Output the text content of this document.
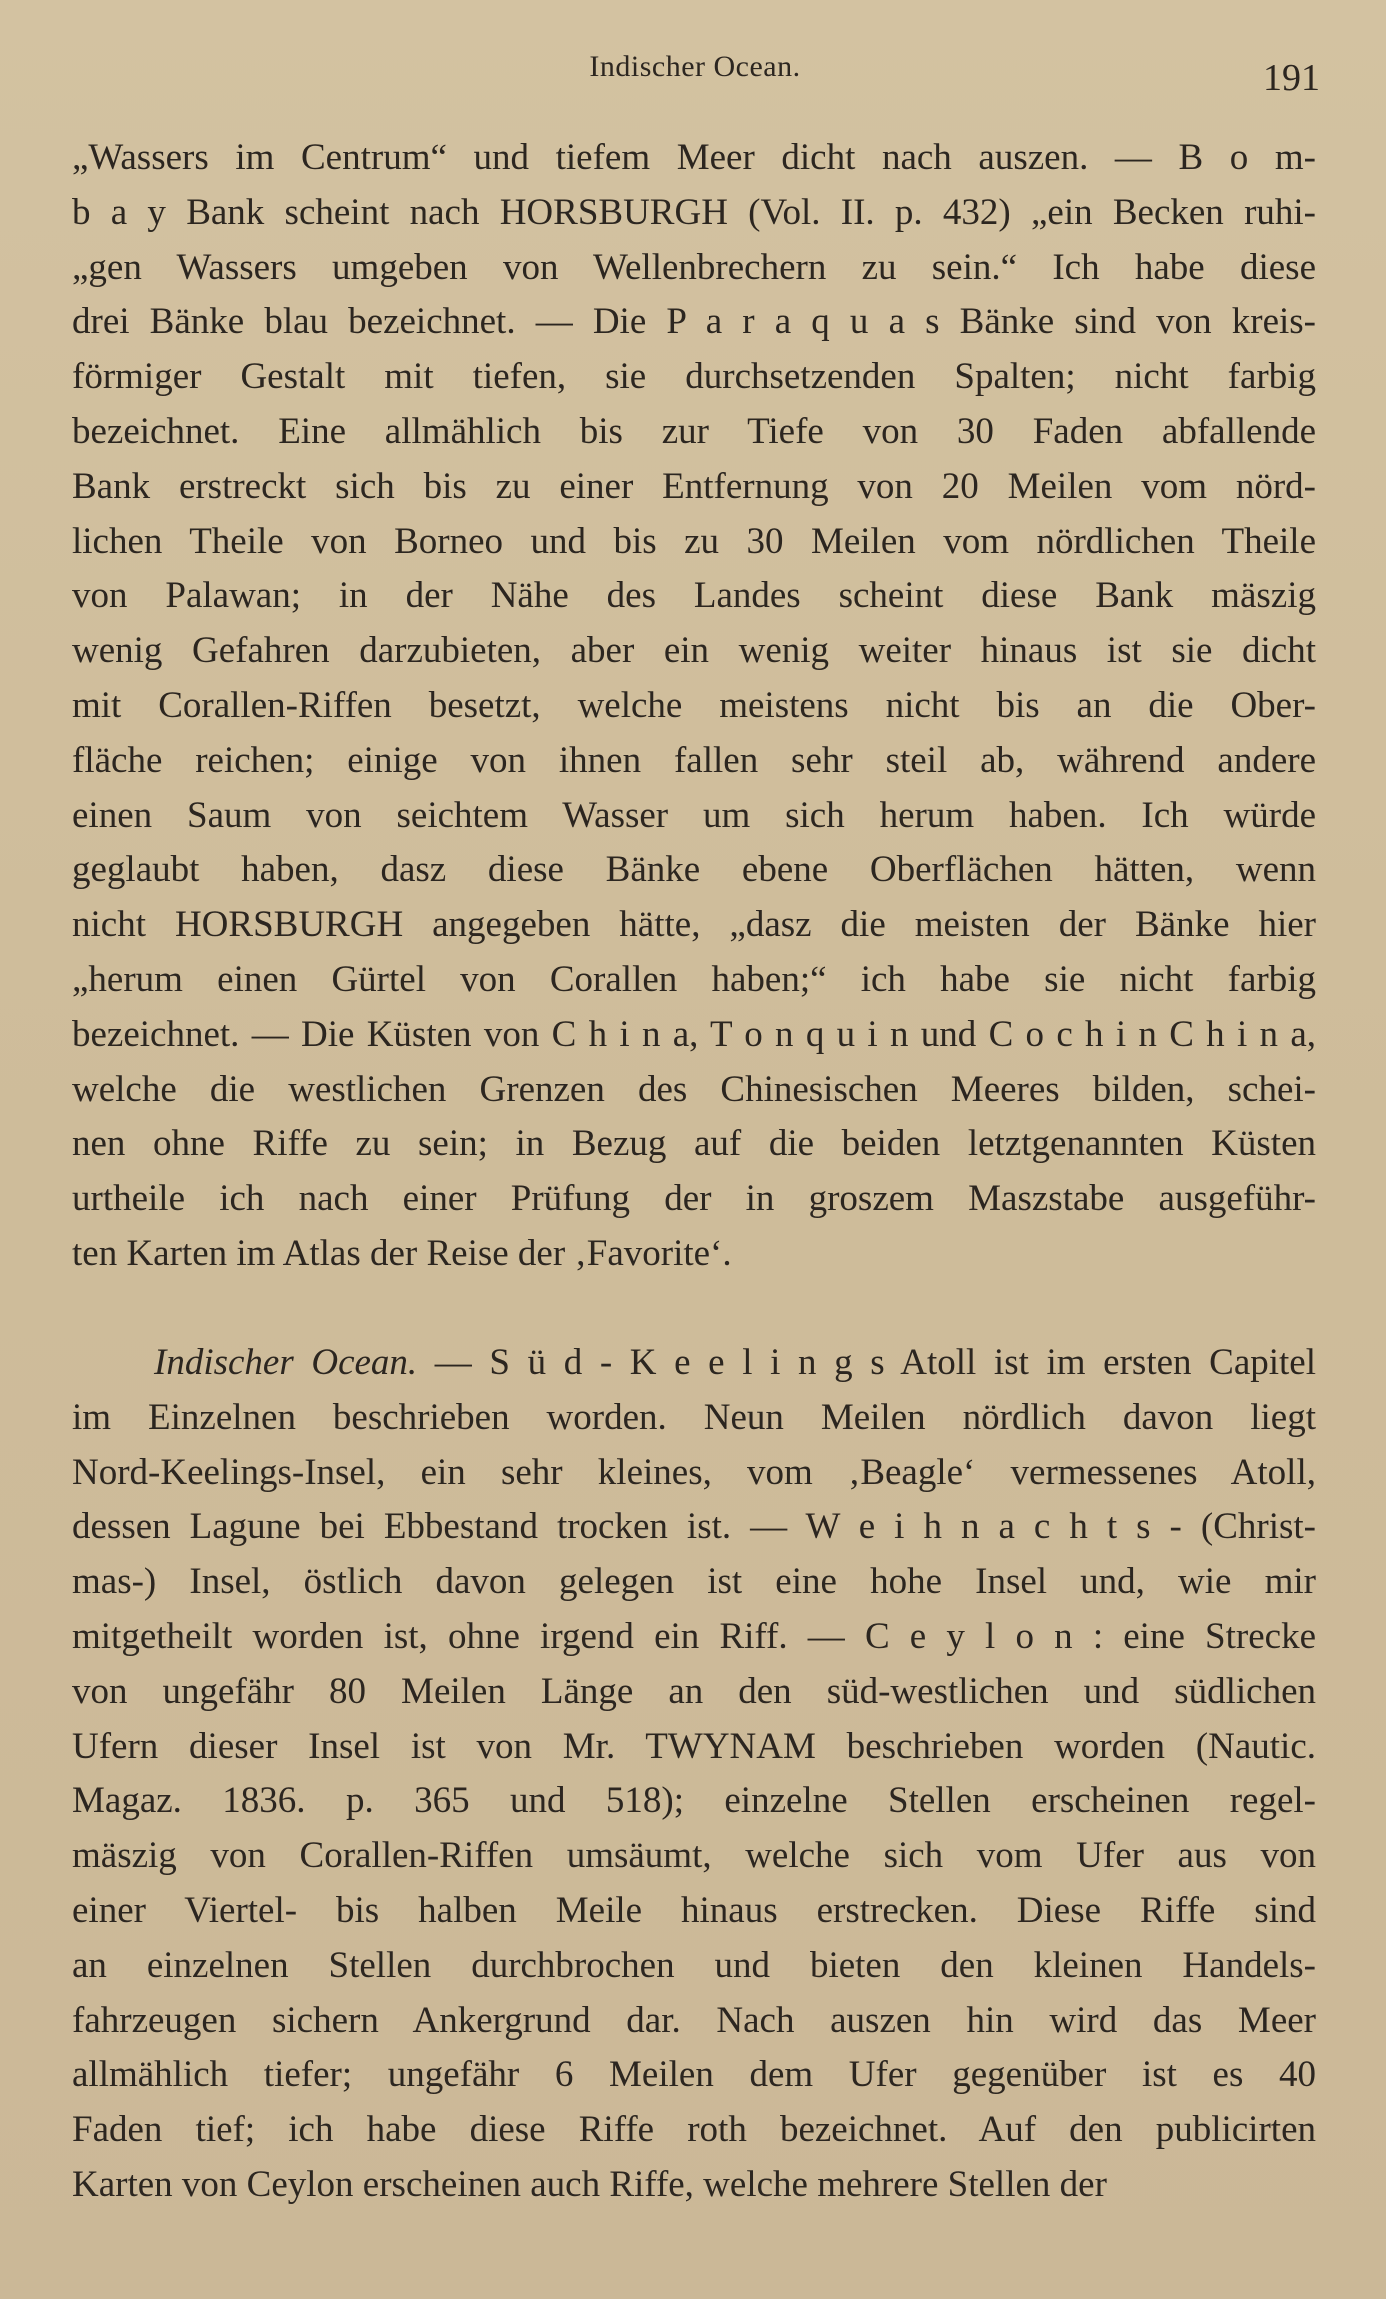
Indischer Ocean.	191
„Wassers im Centrum“ und tiefem Meer dicht nach auszen. — B o m-
b a y Bank scheint nach HORSBURGH (Vol. II. p. 432) „ein Becken ruhi-
„gen Wassers umgeben von Wellenbrechern zu sein.“ Ich habe diese
drei Bänke blau bezeichnet. — Die P a r a q u a s Bänke sind von kreis-
förmiger Gestalt mit tiefen, sie durchsetzenden Spalten; nicht farbig
bezeichnet. Eine allmählich bis zur Tiefe von 30 Faden abfallende
Bank erstreckt sich bis zu einer Entfernung von 20 Meilen vom nörd-
lichen Theile von Borneo und bis zu 30 Meilen vom nördlichen Theile
von Palawan; in der Nähe des Landes scheint diese Bank mäszig
wenig Gefahren darzubieten, aber ein wenig weiter hinaus ist sie dicht
mit Corallen-Riffen besetzt, welche meistens nicht bis an die Ober-
fläche reichen; einige von ihnen fallen sehr steil ab, während andere
einen Saum von seichtem Wasser um sich herum haben. Ich würde
geglaubt haben, dasz diese Bänke ebene Oberflächen hätten, wenn
nicht HORSBURGH angegeben hätte, „dasz die meisten der Bänke hier
„herum einen Gürtel von Corallen haben;“ ich habe sie nicht farbig
bezeichnet. — Die Küsten von C h i n a, T o n q u i n und C o c h i n C h i n a,
welche die westlichen Grenzen des Chinesischen Meeres bilden, schei-
nen ohne Riffe zu sein; in Bezug auf die beiden letztgenannten Küsten
urtheile ich nach einer Prüfung der in groszem Maszstabe ausgeführ-
ten Karten im Atlas der Reise der ‚Favorite‘.
Indischer Ocean. — S ü d - K e e l i n g s Atoll ist im ersten Capitel
im Einzelnen beschrieben worden. Neun Meilen nördlich davon liegt
Nord-Keelings-Insel, ein sehr kleines, vom ‚Beagle‘ vermessenes Atoll,
dessen Lagune bei Ebbestand trocken ist. — W e i h n a c h t s - (Christ-
mas-) Insel, östlich davon gelegen ist eine hohe Insel und, wie mir
mitgetheilt worden ist, ohne irgend ein Riff. — C e y l o n : eine Strecke
von ungefähr 80 Meilen Länge an den süd-westlichen und südlichen
Ufern dieser Insel ist von Mr. TWYNAM beschrieben worden (Nautic.
Magaz. 1836. p. 365 und 518); einzelne Stellen erscheinen regel-
mäszig von Corallen-Riffen umsäumt, welche sich vom Ufer aus von
einer Viertel- bis halben Meile hinaus erstrecken. Diese Riffe sind
an einzelnen Stellen durchbrochen und bieten den kleinen Handels-
fahrzeugen sichern Ankergrund dar. Nach auszen hin wird das Meer
allmählich tiefer; ungefähr 6 Meilen dem Ufer gegenüber ist es 40
Faden tief; ich habe diese Riffe roth bezeichnet. Auf den publicirten
Karten von Ceylon erscheinen auch Riffe, welche mehrere Stellen der
